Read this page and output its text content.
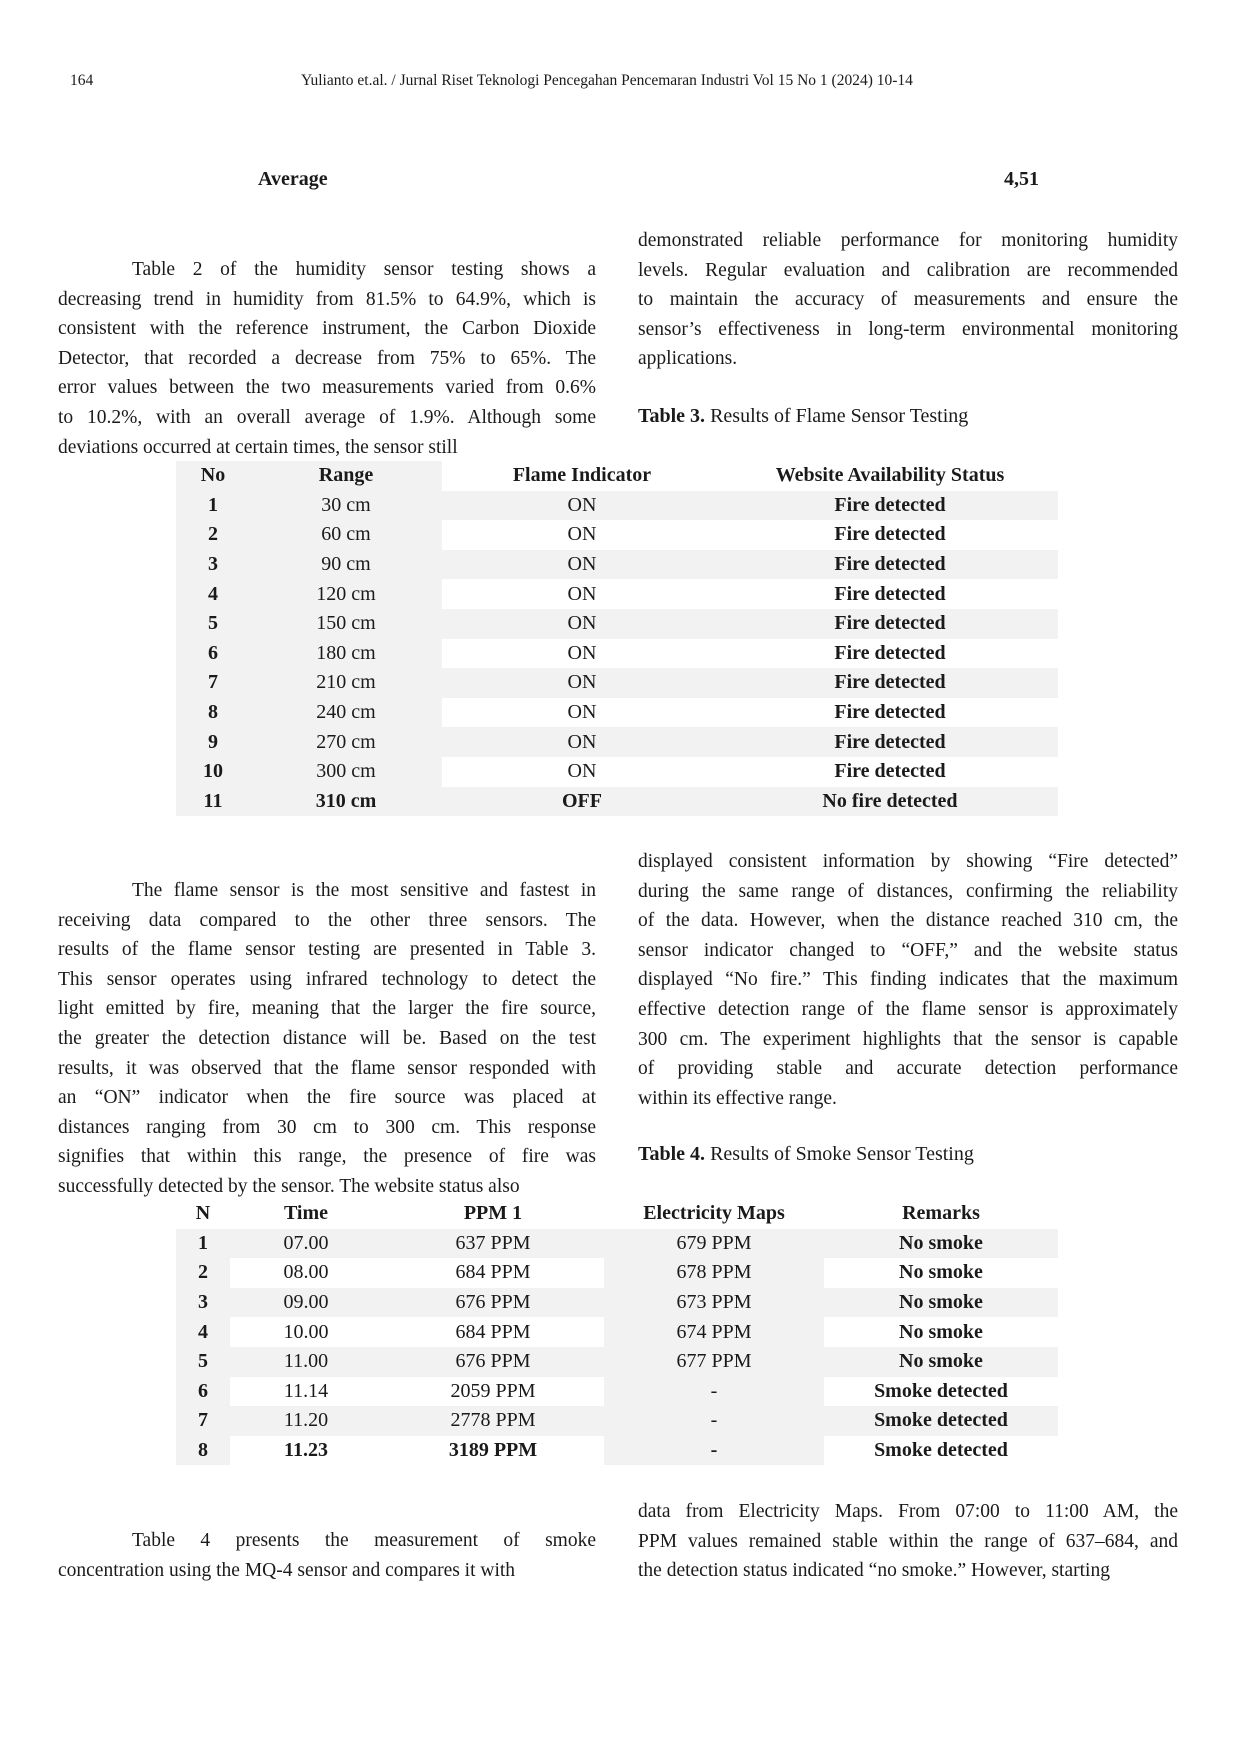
164	Yulianto et.al. / Jurnal Riset Teknologi Pencegahan Pencemaran Industri Vol 15 No 1 (2024) 10-14
Average	4,51

Table 2 of the humidity sensor testing shows a
decreasing trend in humidity from 81.5% to 64.9%, which is
consistent with the reference instrument, the Carbon Dioxide
Detector, that recorded a decrease from 75% to 65%. The
error values between the two measurements varied from 0.6%
to 10.2%, with an overall average of 1.9%. Although some
deviations occurred at certain times, the sensor still

demonstrated reliable performance for monitoring humidity
levels. Regular evaluation and calibration are recommended
to maintain the accuracy of measurements and ensure the
sensor’s effectiveness in long-term environmental monitoring
applications.

Table 3. Results of Flame Sensor Testing
No	Range	Flame Indicator	Website Availability Status
1	30 cm	ON	Fire detected
2	60 cm	ON	Fire detected
3	90 cm	ON	Fire detected
4	120 cm	ON	Fire detected
5	150 cm	ON	Fire detected
6	180 cm	ON	Fire detected
7	210 cm	ON	Fire detected
8	240 cm	ON	Fire detected
9	270 cm	ON	Fire detected
10	300 cm	ON	Fire detected
11	310 cm	OFF	No fire detected

The flame sensor is the most sensitive and fastest in
receiving data compared to the other three sensors. The
results of the flame sensor testing are presented in Table 3.
This sensor operates using infrared technology to detect the
light emitted by fire, meaning that the larger the fire source,
the greater the detection distance will be. Based on the test
results, it was observed that the flame sensor responded with
an “ON” indicator when the fire source was placed at
distances ranging from 30 cm to 300 cm. This response
signifies that within this range, the presence of fire was
successfully detected by the sensor. The website status also

displayed consistent information by showing “Fire detected”
during the same range of distances, confirming the reliability
of the data. However, when the distance reached 310 cm, the
sensor indicator changed to “OFF,” and the website status
displayed “No fire.” This finding indicates that the maximum
effective detection range of the flame sensor is approximately
300 cm. The experiment highlights that the sensor is capable
of providing stable and accurate detection performance
within its effective range.

Table 4. Results of Smoke Sensor Testing
N	Time	PPM 1	Electricity Maps	Remarks
1	07.00	637 PPM	679 PPM	No smoke
2	08.00	684 PPM	678 PPM	No smoke
3	09.00	676 PPM	673 PPM	No smoke
4	10.00	684 PPM	674 PPM	No smoke
5	11.00	676 PPM	677 PPM	No smoke
6	11.14	2059 PPM	-	Smoke detected
7	11.20	2778 PPM	-	Smoke detected
8	11.23	3189 PPM	-	Smoke detected

Table 4 presents the measurement of smoke
concentration using the MQ-4 sensor and compares it with

data from Electricity Maps. From 07:00 to 11:00 AM, the
PPM values remained stable within the range of 637–684, and
the detection status indicated “no smoke.” However, starting
